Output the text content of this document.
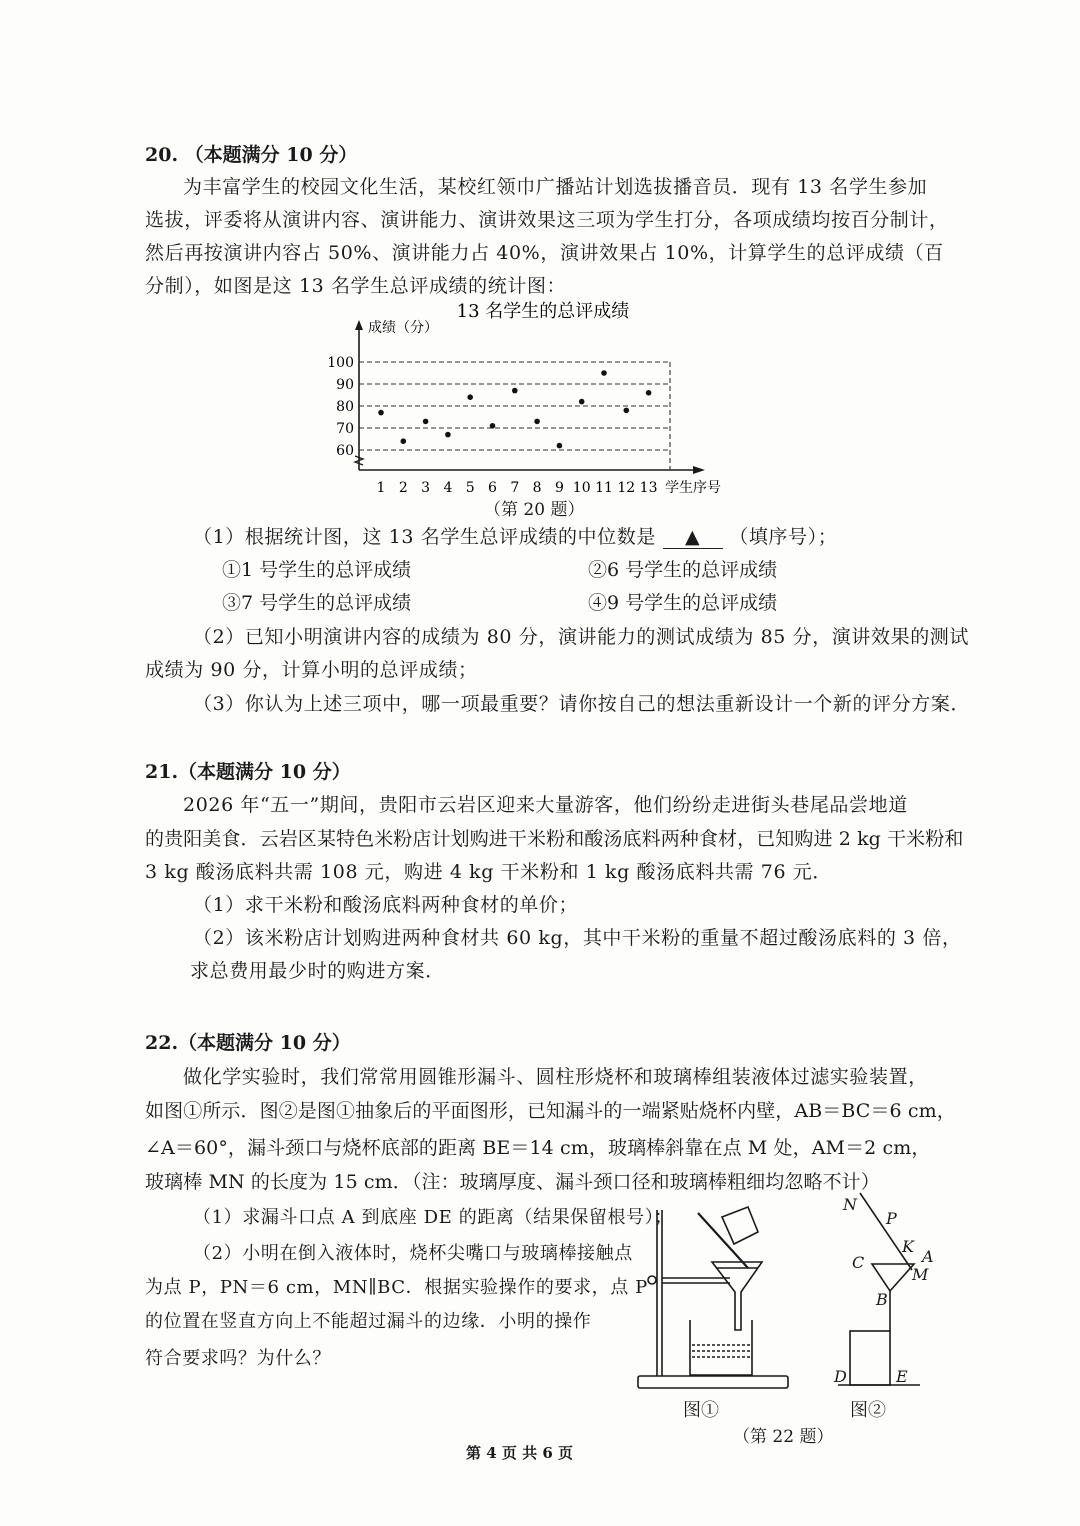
20. （本题满分 10 分）
为丰富学生的校园文化生活，某校红领巾广播站计划选拔播音员．现有 13 名学生参加
选拔，评委将从演讲内容、演讲能力、演讲效果这三项为学生打分，各项成绩均按百分制计，
然后再按演讲内容占 50%、演讲能力占 40%，演讲效果占 10%，计算学生的总评成绩（百
分制），如图是这 13 名学生总评成绩的统计图：
13 名学生的总评成绩
成绩（分）
学生序号
60
70
80
90
100
1 2 3 4 5 6 7 8 9 10 11 12 13
（第 20 题）
（1）根据统计图，这 13 名学生总评成绩的中位数是 ▲ （填序号）；
①1 号学生的总评成绩	②6 号学生的总评成绩
③7 号学生的总评成绩	④9 号学生的总评成绩
（2）已知小明演讲内容的成绩为 80 分，演讲能力的测试成绩为 85 分，演讲效果的测试
成绩为 90 分，计算小明的总评成绩；
（3）你认为上述三项中，哪一项最重要？请你按自己的想法重新设计一个新的评分方案．
21.（本题满分 10 分）
2026 年“五一”期间，贵阳市云岩区迎来大量游客，他们纷纷走进街头巷尾品尝地道
的贵阳美食．云岩区某特色米粉店计划购进干米粉和酸汤底料两种食材，已知购进 2 kg 干米粉和
3 kg 酸汤底料共需 108 元，购进 4 kg 干米粉和 1 kg 酸汤底料共需 76 元．
（1）求干米粉和酸汤底料两种食材的单价；
（2）该米粉店计划购进两种食材共 60 kg，其中干米粉的重量不超过酸汤底料的 3 倍，
求总费用最少时的购进方案．
22.（本题满分 10 分）
做化学实验时，我们常常用圆锥形漏斗、圆柱形烧杯和玻璃棒组装液体过滤实验装置，
如图①所示．图②是图①抽象后的平面图形，已知漏斗的一端紧贴烧杯内壁，AB＝BC＝6 cm，
∠A＝60°，漏斗颈口与烧杯底部的距离 BE＝14 cm，玻璃棒斜靠在点 M 处，AM＝2 cm，
玻璃棒 MN 的长度为 15 cm．（注：玻璃厚度、漏斗颈口径和玻璃棒粗细均忽略不计）
（1）求漏斗口点 A 到底座 DE 的距离（结果保留根号）；
（2）小明在倒入液体时，烧杯尖嘴口与玻璃棒接触点
为点 P，PN＝6 cm，MN∥BC．根据实验操作的要求，点 P
的位置在竖直方向上不能超过漏斗的边缘．小明的操作
符合要求吗？为什么？
N
P
K
A
M
C
B
D	E
图①	图②
（第 22 题）
第 4 页 共 6 页
